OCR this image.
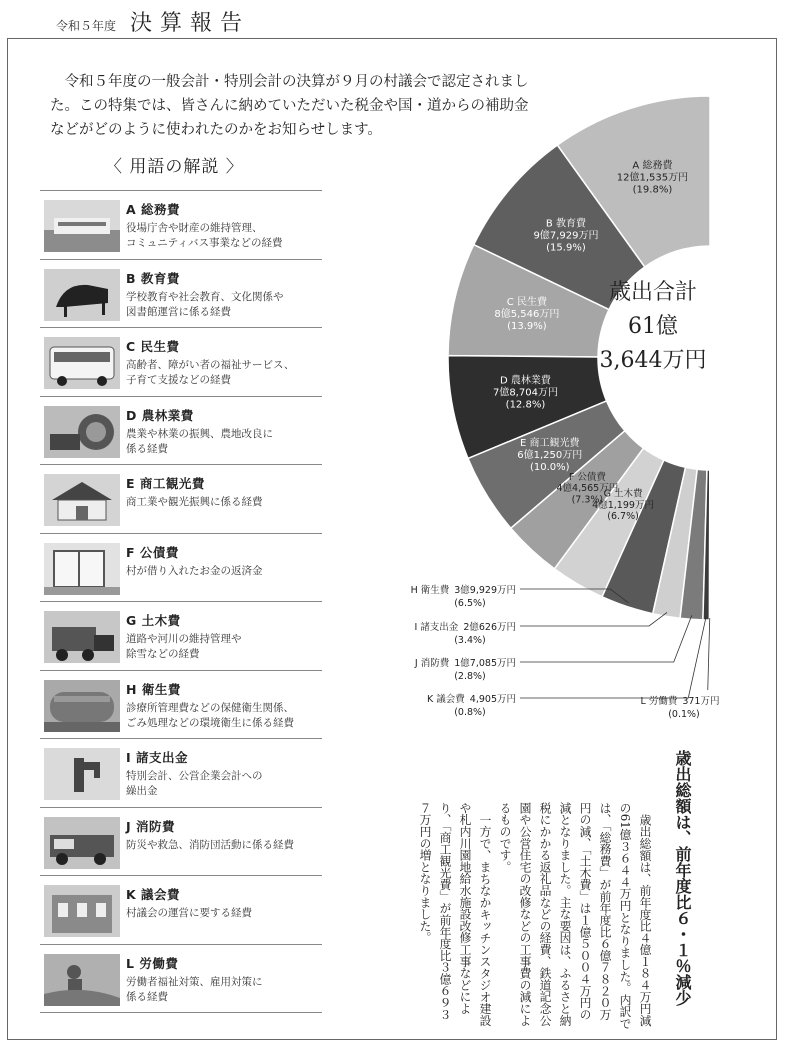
令和５年度 決算報告

令和５年度の一般会計・特別会計の決算が９月の村議会で認定されました。この特集では、皆さんに納めていただいた税金や国・道からの補助金などがどのように使われたのかをお知らせします。

〈 用語の解説 〉
A 総務費
役場庁舎や財産の維持管理、
コミュニティバス事業などの経費
B 教育費
学校教育や社会教育、文化関係や
図書館運営に係る経費
C 民生費
高齢者、障がい者の福祉サービス、
子育て支援などの経費
D 農林業費
農業や林業の振興、農地改良に
係る経費
E 商工観光費
商工業や観光振興に係る経費
F 公債費
村が借り入れたお金の返済金
G 土木費
道路や河川の維持管理や
除雪などの経費
H 衛生費
診療所管理費などの保健衛生関係、
ごみ処理などの環境衛生に係る経費
I 諸支出金
特別会計、公営企業会計への
繰出金
J 消防費
防災や救急、消防団活動に係る経費
K 議会費
村議会の運営に要する経費
L 労働費
労働者福祉対策、雇用対策に
係る経費
A 総務費
12億1,535万円
(19.8%)
B 教育費
9億7,929万円
(15.9%)
C 民生費
8億5,546万円
(13.9%)
D 農林業費
7億8,704万円
(12.8%)
E 商工観光費
6億1,250万円
(10.0%)
F 公債費
4億4,565万円
(7.3%)
G 土木費
4億1,199万円
(6.7%)
H 衛生費 3億9,929万円
(6.5%)
I 諸支出金 2億626万円
(3.4%)
J 消防費 1億7,085万円
(2.8%)
K 議会費 4,905万円
(0.8%)
L 労働費 371万円
(0.1%)
歳出合計
61億
3,644万円
歳出総額は、前年度比６・１％減少

歳出総額は、前年度比４億１８４万円減の61億３６４４万円となりました。内訳では、「総務費」が前年度比６億７８２０万円の減、「土木費」は１億５００４万円の減となりました。主な要因は、ふるさと納税にかかる返礼品などの経費、鉄道記念公園や公営住宅の改修などの工事費の減によるものです。

一方で、まちなかキッチンスタジオ建設や札内川園地給水施設改修工事などにより、「商工観光費」が前年度比３億６９３７万円の増となりました。
